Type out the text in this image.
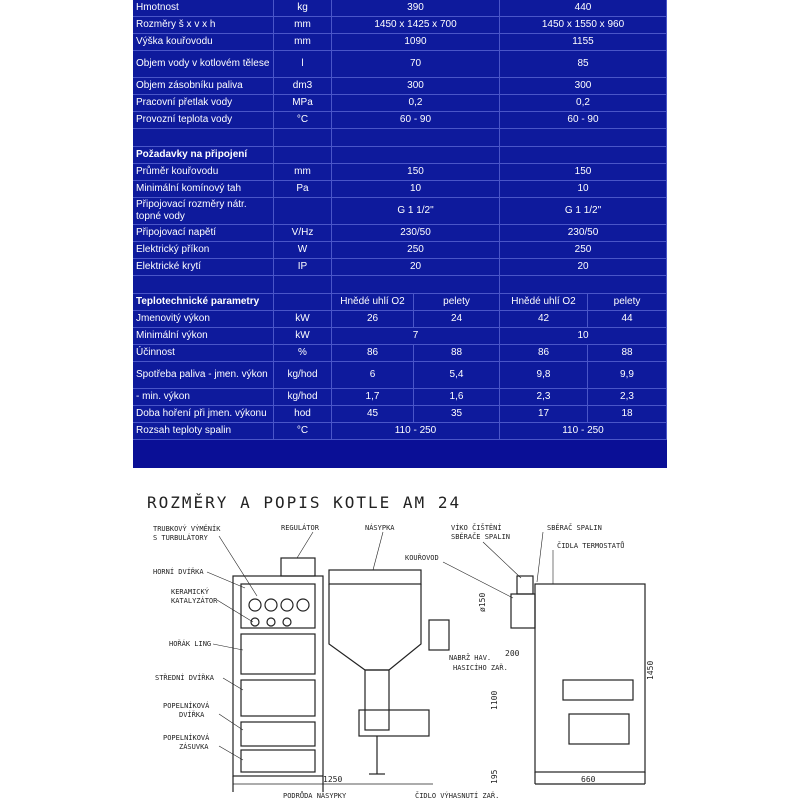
Hmotnost	kg	390		440	
Rozměry š x v x h	mm	1450 x 1425 x 700		1450 x 1550 x 960	
Výška kouřovodu	mm	1090		1155	
Objem vody v kotlovém tělese	l	70		85	
Objem zásobníku paliva	dm3	300		300	
Pracovní přetlak vody	MPa	0,2		0,2	
Provozní teplota vody	°C	60 - 90		60 - 90	

Požadavky na připojení					
Průměr kouřovodu	mm	150		150	
Minimální komínový tah	Pa	10		10	
Připojovací rozměry nátr. topné vody		G 1 1/2"		G 1 1/2"	
Připojovací napětí	V/Hz	230/50		230/50	
Elektrický příkon	W	250		250	
Elektrické krytí	IP	20		20	

Teplotechnické parametry		Hnědé uhlí O2	pelety	Hnědé uhlí O2	pelety
Jmenovitý výkon	kW	26	24	42	44
Minimální výkon	kW	7		10	
Účinnost	%	86	88	86	88
Spotřeba paliva - jmen. výkon	kg/hod	6	5,4	9,8	9,9
- min. výkon	kg/hod	1,7	1,6	2,3	2,3
Doba hoření při jmen. výkonu	hod	45	35	17	18
Rozsah teploty spalin	°C	110 - 250		110 - 250	
ROZMĚRY A POPIS KOTLE AM 24
1250	660
1450
1100
200
ø150
195
TRUBKOVÝ VÝMĚNÍK
S TURBULÁTORY
REGULÁTOR	NÁSYPKA
HORNÍ DVÍŘKA
KERAMICKÝ
KATALYZÁTOR
HOŘÁK LING
STŘEDNÍ DVÍŘKA
POPELNÍKOVÁ
DVÍŘKA
POPELNÍKOVÁ
ZÁSUVKA
VÍKO ČIŠTĚNÍ
SBĚRAČE SPALIN
KOUŘOVOD
SBĚRAČ SPALIN
ČIDLA TERMOSTATŮ
NABRŽ HAV.
HASICÍHO ZAŘ.
PODRŮDA NÁSYPKY	ČIDLO VÝHASNUTÍ ZAŘ.
